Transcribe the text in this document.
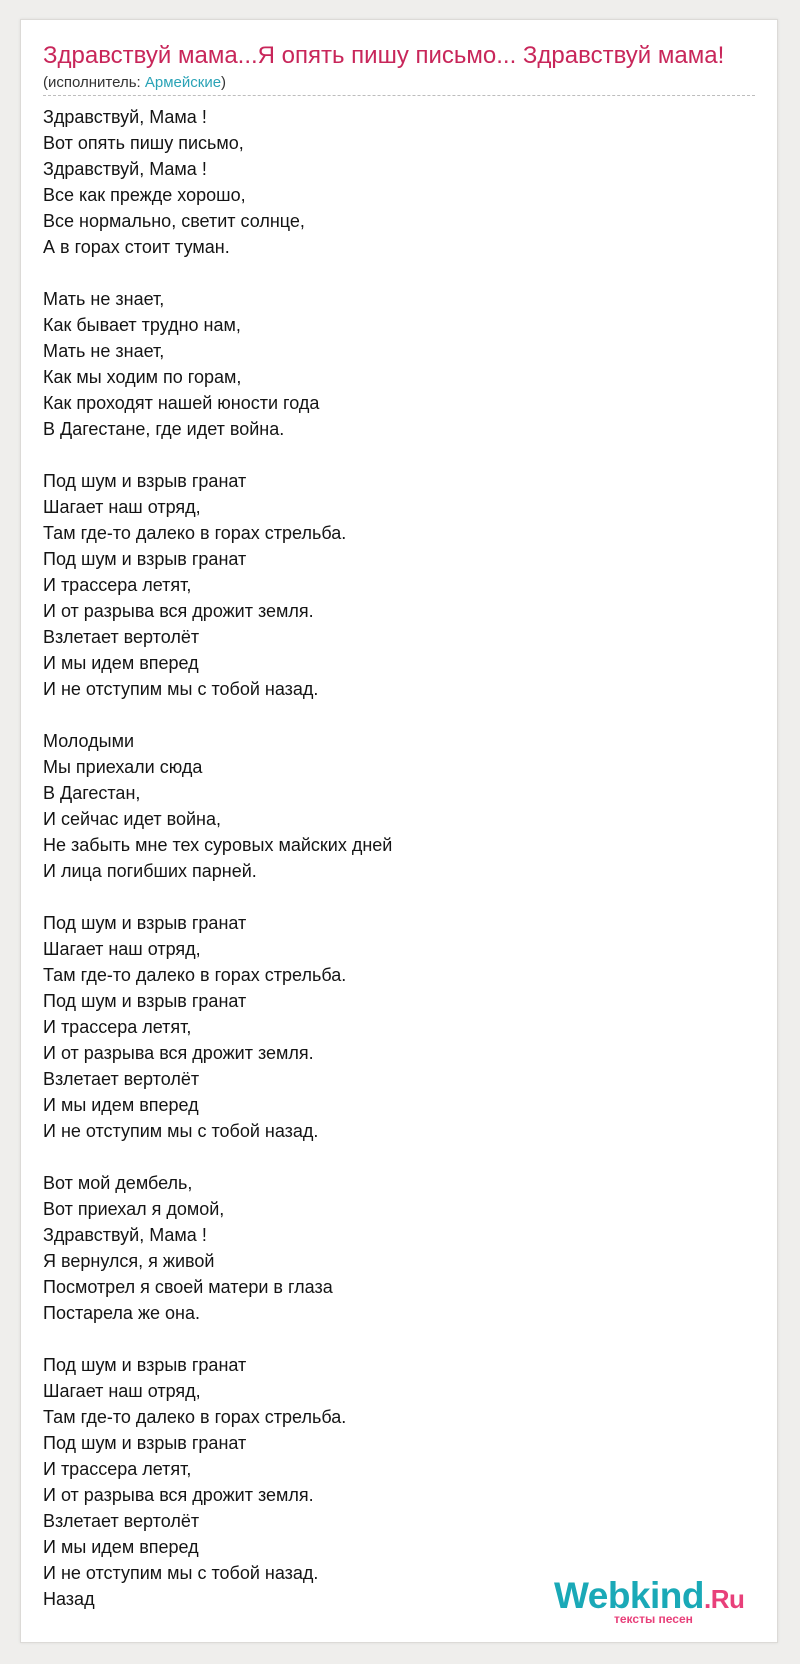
Здравствуй мама...Я опять пишу письмо... Здравствуй мама!
(исполнитель: Армейские)
Здравствуй, Мама !
Вот опять пишу письмо,
Здравствуй, Мама !
Все как прежде хорошо,
Все нормально, светит солнце,
А в горах стоит туман.
Мать не знает,
Как бывает трудно нам,
Мать не знает,
Как мы ходим по горам,
Как проходят нашей юности года
В Дагестане, где идет война.
Под шум и взрыв гранат
Шагает наш отряд,
Там где-то далеко в горах стрельба.
Под шум и взрыв гранат
И трассера летят,
И от разрыва вся дрожит земля.
Взлетает вертолёт
И мы идем вперед
И не отступим мы с тобой назад.
Молодыми
Мы приехали сюда
В Дагестан,
И сейчас идет война,
Не забыть мне тех суровых майских дней
И лица погибших парней.
Под шум и взрыв гранат
Шагает наш отряд,
Там где-то далеко в горах стрельба.
Под шум и взрыв гранат
И трассера летят,
И от разрыва вся дрожит земля.
Взлетает вертолёт
И мы идем вперед
И не отступим мы с тобой назад.
Вот мой дембель,
Вот приехал я домой,
Здравствуй, Мама !
Я вернулся, я живой
Посмотрел я своей матери в глаза
Постарела же она.
Под шум и взрыв гранат
Шагает наш отряд,
Там где-то далеко в горах стрельба.
Под шум и взрыв гранат
И трассера летят,
И от разрыва вся дрожит земля.
Взлетает вертолёт
И мы идем вперед
И не отступим мы с тобой назад.
Назад	Webkind.Ru
тексты песен
